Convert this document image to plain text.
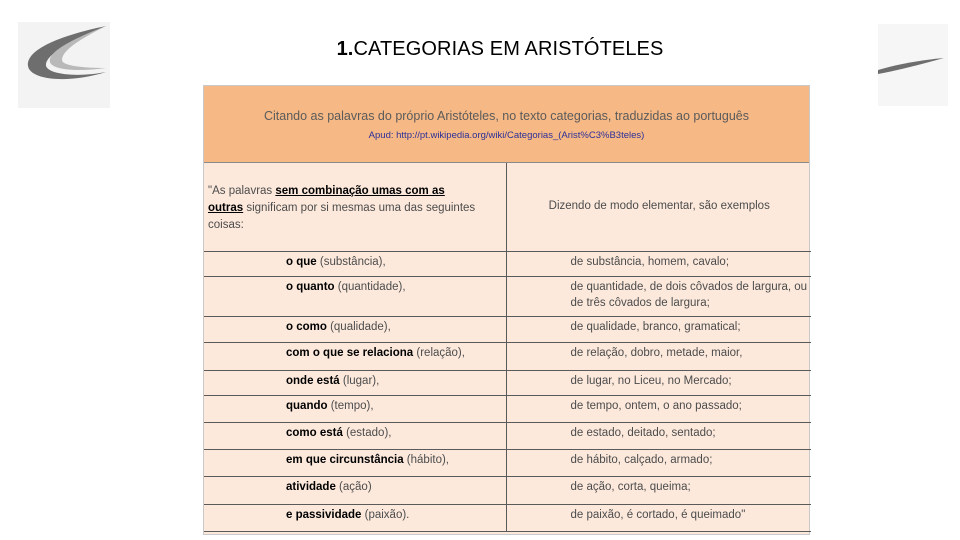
1.CATEGORIAS EM ARISTÓTELES
Citando as palavras do próprio Aristóteles, no texto categorias, traduzidas ao português
Apud: http://pt.wikipedia.org/wiki/Categorias_(Arist%C3%B3teles)
"As palavras sem combinação umas com as
outras significam por si mesmas uma das seguintes coisas:	Dizendo de modo elementar, são exemplos

o que (substância),	de substância, homem, cavalo;

o quanto (quantidade),	de quantidade, de dois côvados de largura, ou de três côvados de largura;

o como (qualidade),	de qualidade, branco, gramatical;

com o que se relaciona (relação),	de relação, dobro, metade, maior,

onde está (lugar),	de lugar, no Liceu, no Mercado;

quando (tempo),	de tempo, ontem, o ano passado;

como está (estado),	de estado, deitado, sentado;

em que circunstância (hábito),	de hábito, calçado, armado;

atividade (ação)	de ação, corta, queima;

e passividade (paixão).	de paixão, é cortado, é queimado"
